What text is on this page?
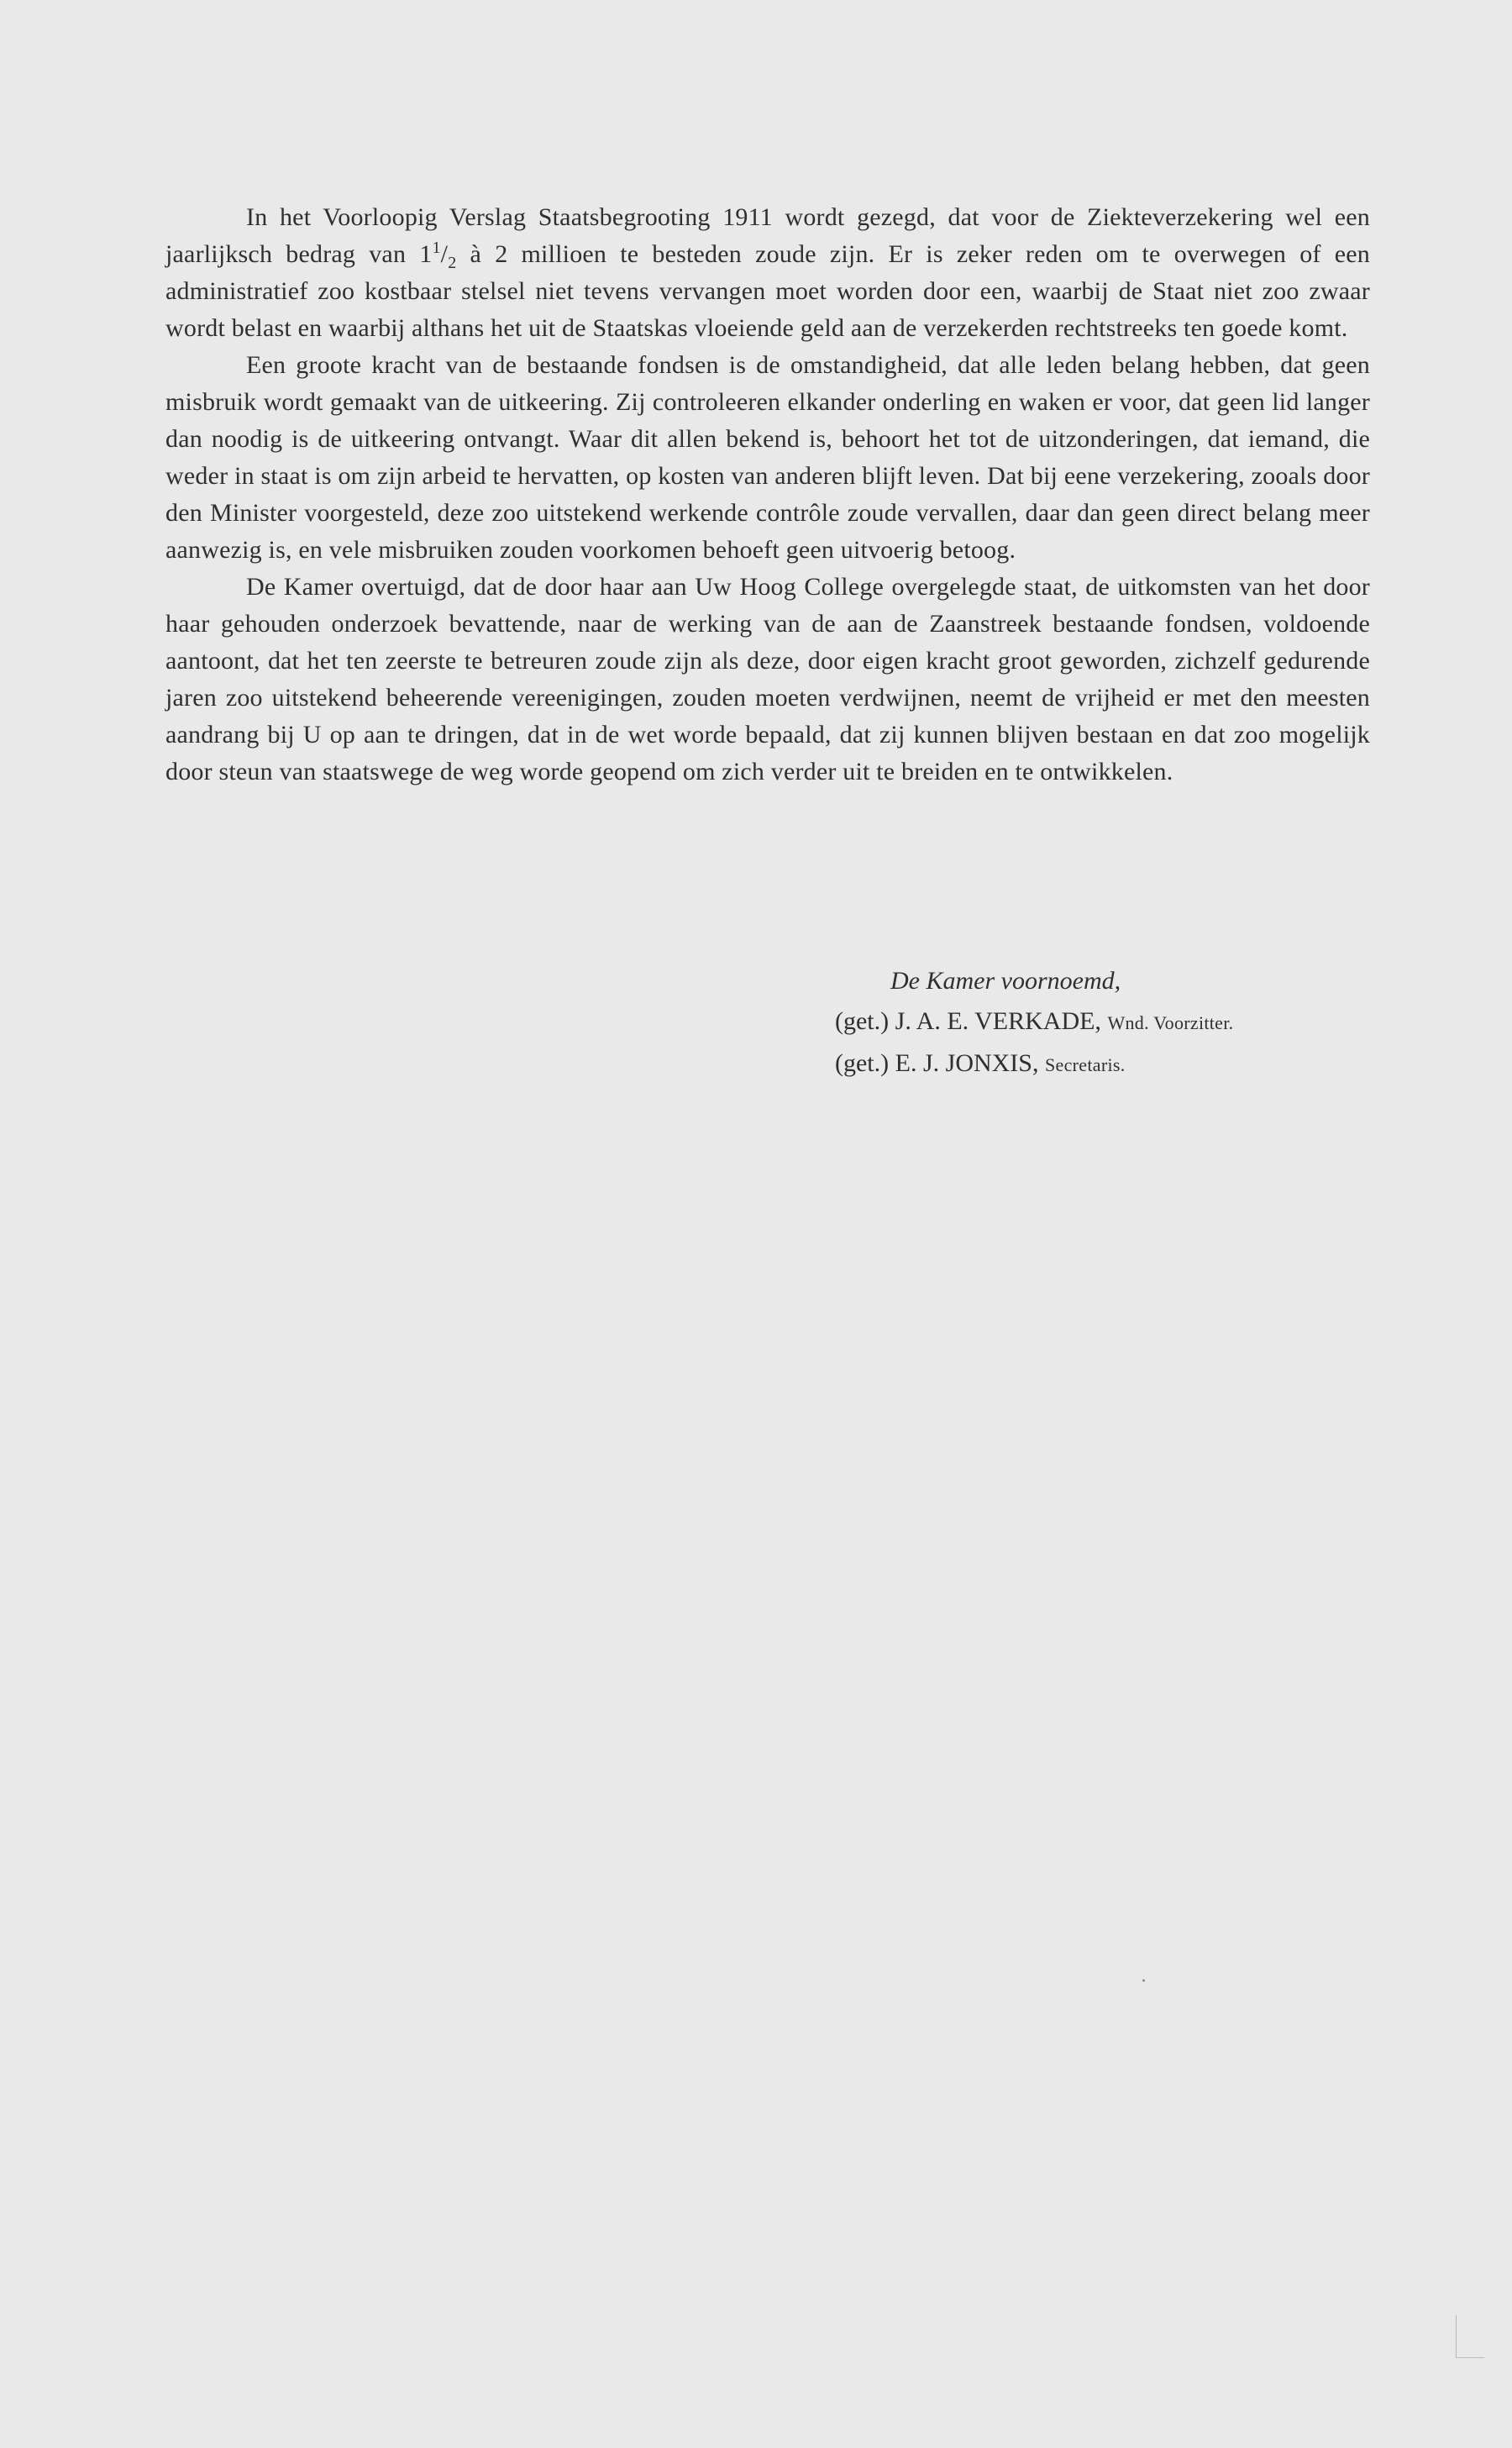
In het Voorloopig Verslag Staatsbegrooting 1911 wordt gezegd, dat voor de Ziekteverzekering wel een jaarlijksch bedrag van $1^1/_2$ à 2 millioen te besteden zoude zijn. Er is zeker reden om te overwegen of een administratief zoo kostbaar stelsel niet tevens vervangen moet worden door een, waarbij de Staat niet zoo zwaar wordt belast en waarbij althans het uit de Staatskas vloeiende geld aan de verzekerden rechtstreeks ten goede komt.

Een groote kracht van de bestaande fondsen is de omstandigheid, dat alle leden belang hebben, dat geen misbruik wordt gemaakt van de uitkeering. Zij controleeren elkander onderling en waken er voor, dat geen lid langer dan noodig is de uitkeering ontvangt. Waar dit allen bekend is, behoort het tot de uitzonderingen, dat iemand, die weder in staat is om zijn arbeid te hervatten, op kosten van anderen blijft leven. Dat bij eene verzekering, zooals door den Minister voorgesteld, deze zoo uitstekend werkende contrôle zoude vervallen, daar dan geen direct belang meer aanwezig is, en vele misbruiken zouden voorkomen behoeft geen uitvoerig betoog.

De Kamer overtuigd, dat de door haar aan Uw Hoog College overgelegde staat, de uitkomsten van het door haar gehouden onderzoek bevattende, naar de werking van de aan de Zaanstreek bestaande fondsen, voldoende aantoont, dat het ten zeerste te betreuren zoude zijn als deze, door eigen kracht groot geworden, zichzelf gedurende jaren zoo uitstekend beheerende vereenigingen, zouden moeten verdwijnen, neemt de vrijheid er met den meesten aandrang bij U op aan te dringen, dat in de wet worde bepaald, dat zij kunnen blijven bestaan en dat zoo mogelijk door steun van staatswege de weg worde geopend om zich verder uit te breiden en te ontwikkelen.

De Kamer voornoemd,

(get.) J. A. E. VERKADE, Wnd. Voorzitter.

(get.) E. J. JONXIS, Secretaris.
